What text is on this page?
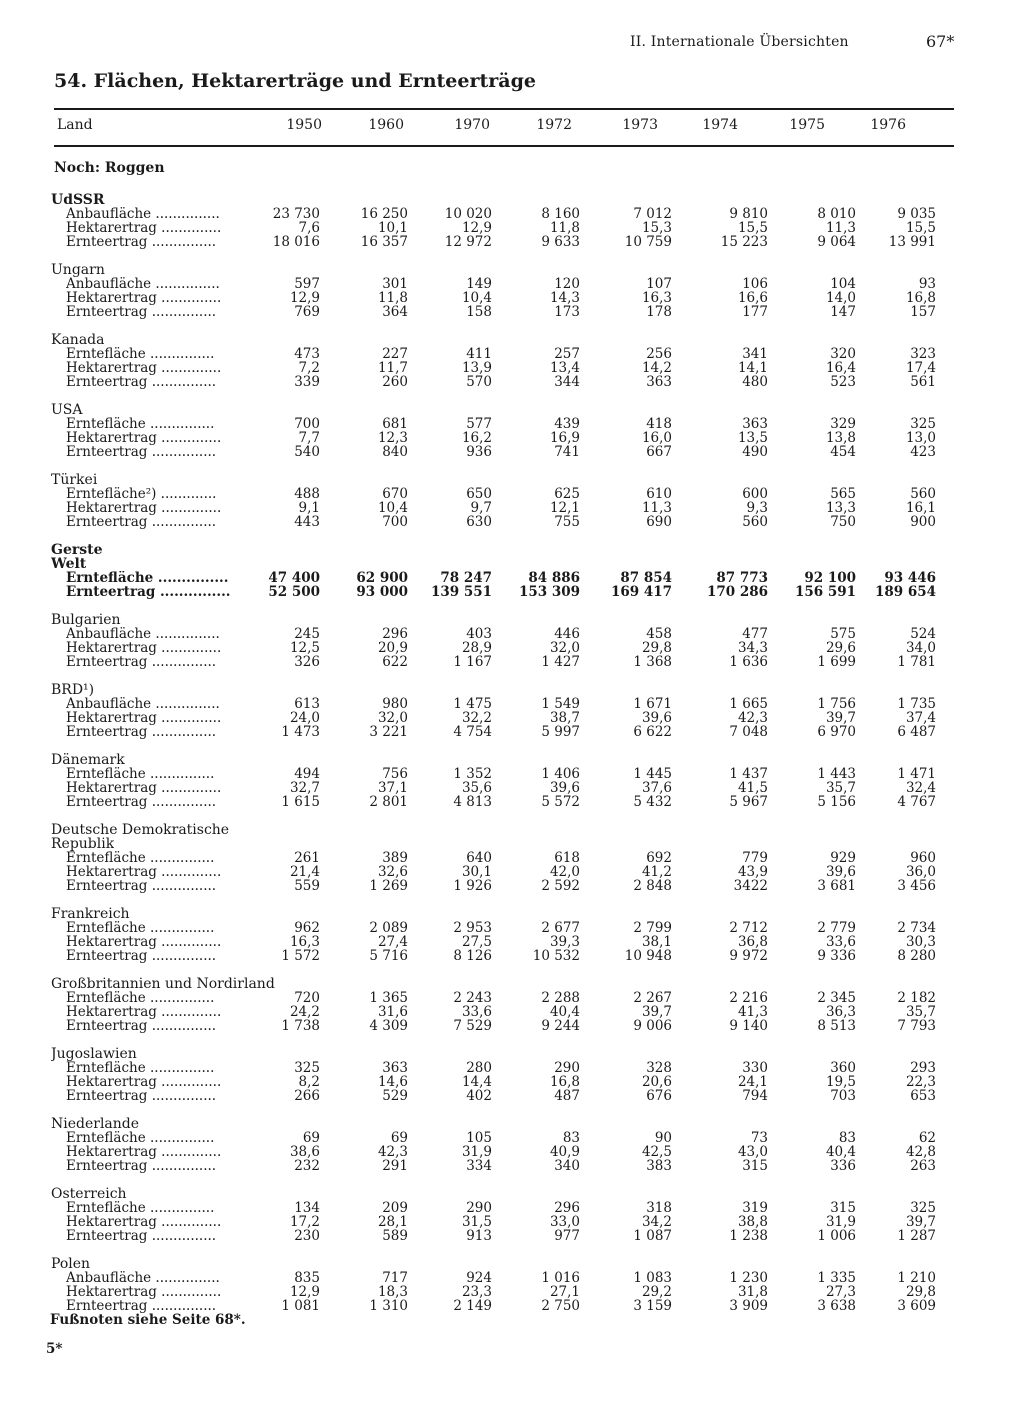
II. Internationale Übersichten	67*
54. Flächen, Hektarerträge und Ernteerträge
Land	1950	1960	1970	1972	1973	1974	1975	1976
Noch: Roggen
UdSSR
Anbaufläche ...............	23 730	16 250	10 020	8 160	7 012	9 810	8 010	9 035
Hektarertrag ..............	7,6	10,1	12,9	11,8	15,3	15,5	11,3	15,5
Ernteertrag ...............	18 016	16 357	12 972	9 633	10 759	15 223	9 064	13 991
Ungarn
Anbaufläche ...............	597	301	149	120	107	106	104	93
Hektarertrag ..............	12,9	11,8	10,4	14,3	16,3	16,6	14,0	16,8
Ernteertrag ...............	769	364	158	173	178	177	147	157
Kanada
Erntefläche ...............	473	227	411	257	256	341	320	323
Hektarertrag ..............	7,2	11,7	13,9	13,4	14,2	14,1	16,4	17,4
Ernteertrag ...............	339	260	570	344	363	480	523	561
USA
Erntefläche ...............	700	681	577	439	418	363	329	325
Hektarertrag ..............	7,7	12,3	16,2	16,9	16,0	13,5	13,8	13,0
Ernteertrag ...............	540	840	936	741	667	490	454	423
Türkei
Erntefläche²) .............	488	670	650	625	610	600	565	560
Hektarertrag ..............	9,1	10,4	9,7	12,1	11,3	9,3	13,3	16,1
Ernteertrag ...............	443	700	630	755	690	560	750	900
Gerste
Welt
Erntefläche ...............	47 400	62 900	78 247	84 886	87 854	87 773	92 100	93 446
Ernteertrag ...............	52 500	93 000	139 551	153 309	169 417	170 286	156 591	189 654
Bulgarien
Anbaufläche ...............	245	296	403	446	458	477	575	524
Hektarertrag ..............	12,5	20,9	28,9	32,0	29,8	34,3	29,6	34,0
Ernteertrag ...............	326	622	1 167	1 427	1 368	1 636	1 699	1 781
BRD¹)
Anbaufläche ...............	613	980	1 475	1 549	1 671	1 665	1 756	1 735
Hektarertrag ..............	24,0	32,0	32,2	38,7	39,6	42,3	39,7	37,4
Ernteertrag ...............	1 473	3 221	4 754	5 997	6 622	7 048	6 970	6 487
Dänemark
Erntefläche ...............	494	756	1 352	1 406	1 445	1 437	1 443	1 471
Hektarertrag ..............	32,7	37,1	35,6	39,6	37,6	41,5	35,7	32,4
Ernteertrag ...............	1 615	2 801	4 813	5 572	5 432	5 967	5 156	4 767
Deutsche Demokratische
Republik
Erntefläche ...............	261	389	640	618	692	779	929	960
Hektarertrag ..............	21,4	32,6	30,1	42,0	41,2	43,9	39,6	36,0
Ernteertrag ...............	559	1 269	1 926	2 592	2 848	3422	3 681	3 456
Frankreich
Erntefläche ...............	962	2 089	2 953	2 677	2 799	2 712	2 779	2 734
Hektarertrag ..............	16,3	27,4	27,5	39,3	38,1	36,8	33,6	30,3
Ernteertrag ...............	1 572	5 716	8 126	10 532	10 948	9 972	9 336	8 280
Großbritannien und Nordirland
Erntefläche ...............	720	1 365	2 243	2 288	2 267	2 216	2 345	2 182
Hektarertrag ..............	24,2	31,6	33,6	40,4	39,7	41,3	36,3	35,7
Ernteertrag ...............	1 738	4 309	7 529	9 244	9 006	9 140	8 513	7 793
Jugoslawien
Erntefläche ...............	325	363	280	290	328	330	360	293
Hektarertrag ..............	8,2	14,6	14,4	16,8	20,6	24,1	19,5	22,3
Ernteertrag ...............	266	529	402	487	676	794	703	653
Niederlande
Erntefläche ...............	69	69	105	83	90	73	83	62
Hektarertrag ..............	38,6	42,3	31,9	40,9	42,5	43,0	40,4	42,8
Ernteertrag ...............	232	291	334	340	383	315	336	263
Österreich
Erntefläche ...............	134	209	290	296	318	319	315	325
Hektarertrag ..............	17,2	28,1	31,5	33,0	34,2	38,8	31,9	39,7
Ernteertrag ...............	230	589	913	977	1 087	1 238	1 006	1 287
Polen
Anbaufläche ...............	835	717	924	1 016	1 083	1 230	1 335	1 210
Hektarertrag ..............	12,9	18,3	23,3	27,1	29,2	31,8	27,3	29,8
Ernteertrag ...............	1 081	1 310	2 149	2 750	3 159	3 909	3 638	3 609
Fußnoten siehe Seite 68*.
5*
